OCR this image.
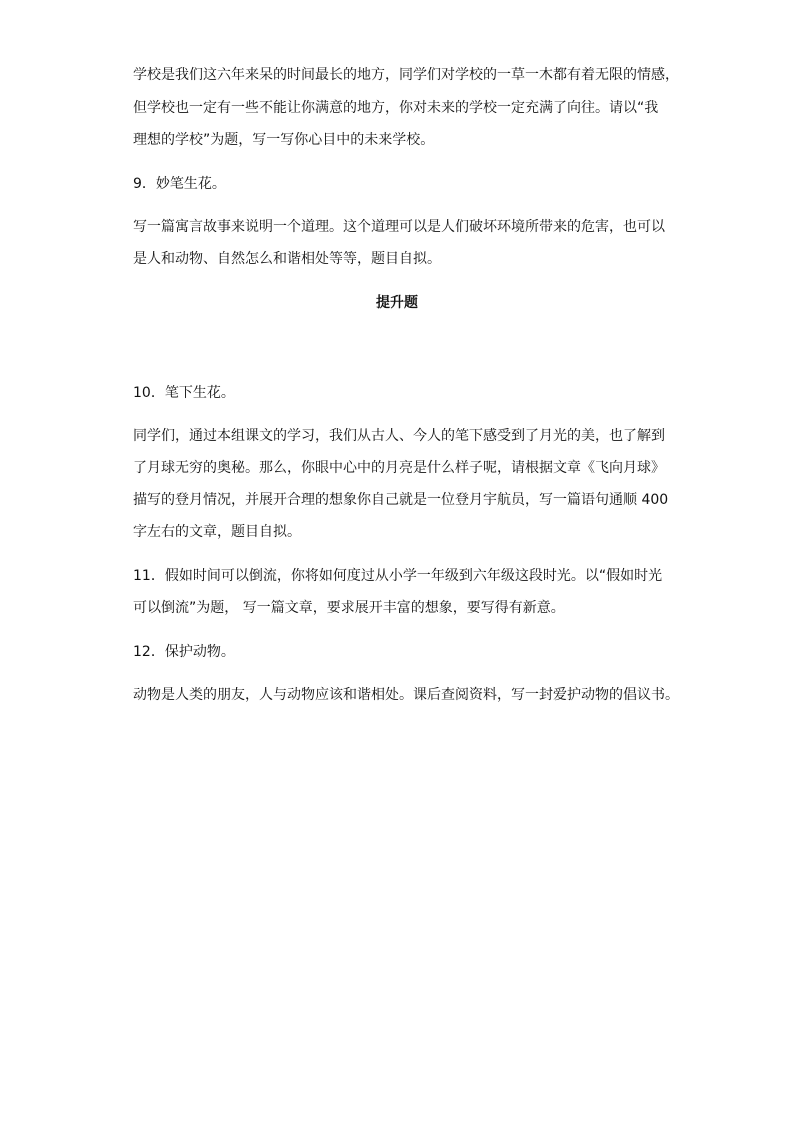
学校是我们这六年来呆的时间最长的地方，同学们对学校的一草一木都有着无限的情感，
但学校也一定有一些不能让你满意的地方，你对未来的学校一定充满了向往。请以“我
理想的学校”为题，写一写你心目中的未来学校。
9．妙笔生花。
写一篇寓言故事来说明一个道理。这个道理可以是人们破坏环境所带来的危害，也可以
是人和动物、自然怎么和谐相处等等，题目自拟。
提升题
10．笔下生花。
同学们，通过本组课文的学习，我们从古人、今人的笔下感受到了月光的美，也了解到
了月球无穷的奥秘。那么，你眼中心中的月亮是什么样子呢，请根据文章《飞向月球》
描写的登月情况，并展开合理的想象你自己就是一位登月宇航员，写一篇语句通顺 400
字左右的文章，题目自拟。
11．假如时间可以倒流，你将如何度过从小学一年级到六年级这段时光。以“假如时光
可以倒流”为题， 写一篇文章，要求展开丰富的想象，要写得有新意。
12．保护动物。
动物是人类的朋友，人与动物应该和谐相处。课后查阅资料，写一封爱护动物的倡议书。
